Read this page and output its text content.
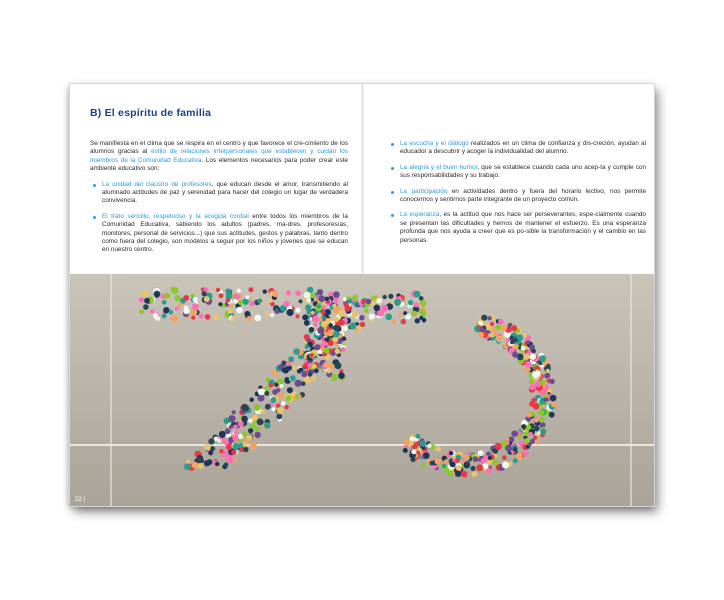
B) El espíritu de familia

Se manifiesta en el clima que se respira en el centro y que favorece el cre-cimiento de los alumnos gracias al estilo de relaciones interpersonales que establecen y cuidan los miembros de la Comunidad Educativa. Los elementos necesarios para poder crear este ambiente educativo son:

La unidad del claustro de profesores, que educan desde el amor, transmitiendo al alumnado actitudes de paz y serenidad para hacer del colegio un lugar de verdadera convivencia.
El trato sencillo, respetuoso y la acogida cordial entre todos los miembros de la Comunidad Educativa, sabiendo los adultos (padres, ma-dres, profesores/as, monitores, personal de servicios...) que sus actitudes, gestos y palabras, tanto dentro como fuera del colegio, son modelos a seguir por los niños y jóvenes que se educan en nuestro centro.
La escucha y el diálogo realizados en un clima de confianza y dis-creción, ayudan al educador a descubrir y acoger la individualidad del alumno.
La alegría y el buen humor, que se establece cuando cada uno acep-ta y cumple con sus responsabilidades y su trabajo.
La participación en actividades dentro y fuera del horario lectivo, nos permite conocernos y sentirnos parte integrante de un proyecto común.
La esperanza, es la actitud que nos hace ser perseverantes, espe-cialmente cuando se presentan las dificultades y hemos de mantener el esfuerzo. Es una esperanza profunda que nos ayuda a creer que es po-sible la transformación y el cambio en las personas.
22 |
